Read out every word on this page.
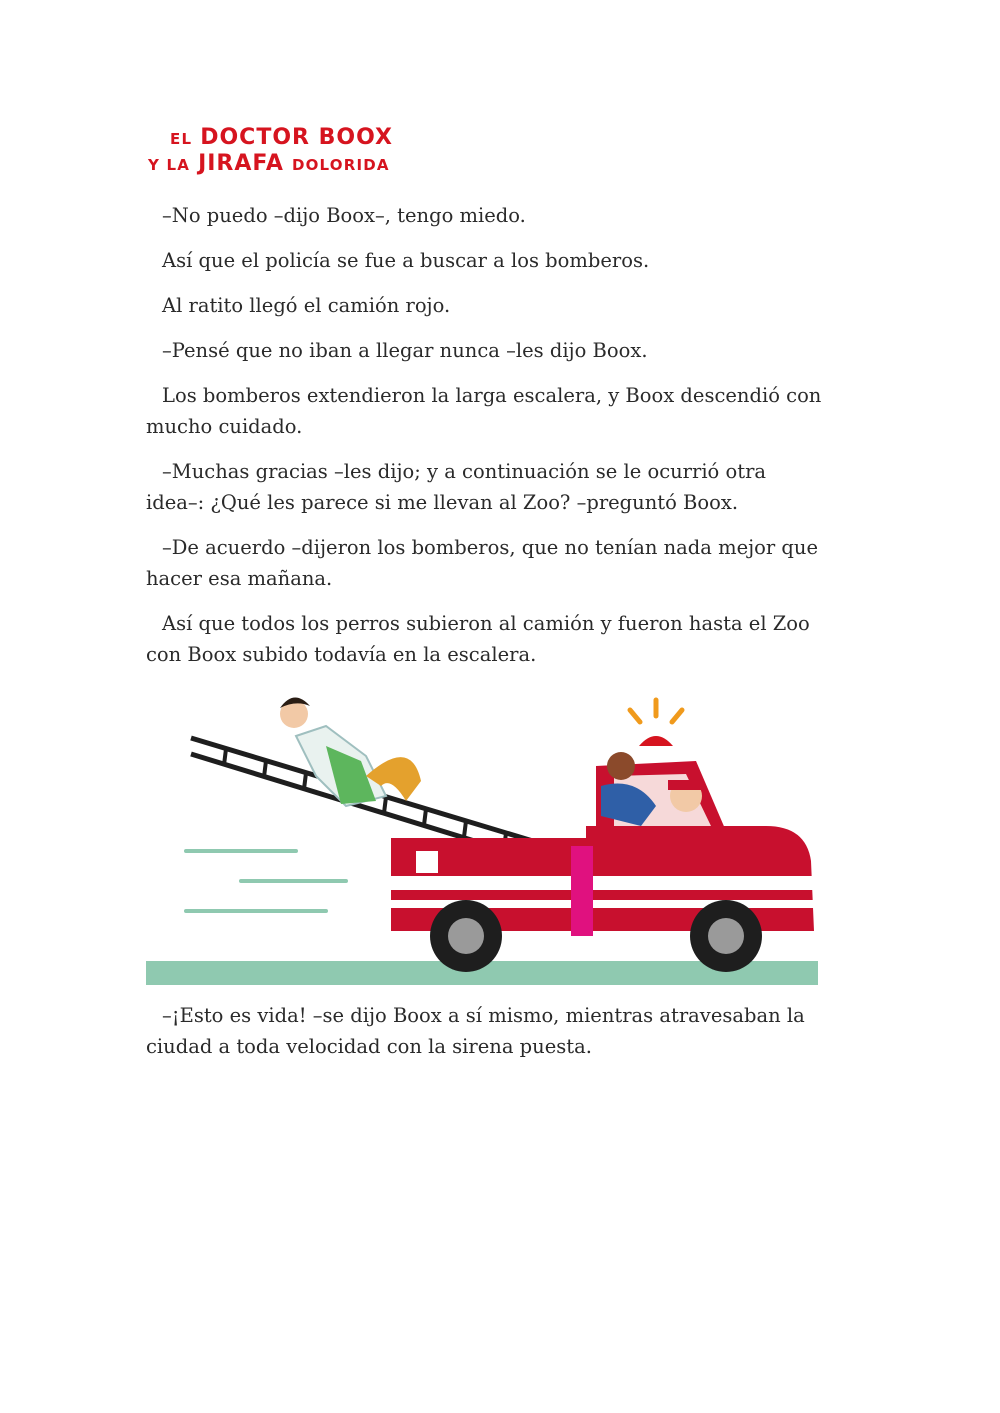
EL DOCTOR BOOX
Y LA JIRAFA DOLORIDA

–No puedo –dijo Boox–, tengo miedo.

Así que el policía se fue a buscar a los bomberos.

Al ratito llegó el camión rojo.

–Pensé que no iban a llegar nunca –les dijo Boox.

Los bomberos extendieron la larga escalera, y Boox descendió con mucho cuidado.

–Muchas gracias –les dijo; y a continuación se le ocurrió otra idea–: ¿Qué les parece si me llevan al Zoo? –preguntó Boox.

–De acuerdo –dijeron los bomberos, que no tenían nada mejor que hacer esa mañana.

Así que todos los perros subieron al camión y fueron hasta el Zoo con Boox subido todavía en la escalera.

–¡Esto es vida! –se dijo Boox a sí mismo, mientras atravesaban la ciudad a toda velocidad con la sirena puesta.
